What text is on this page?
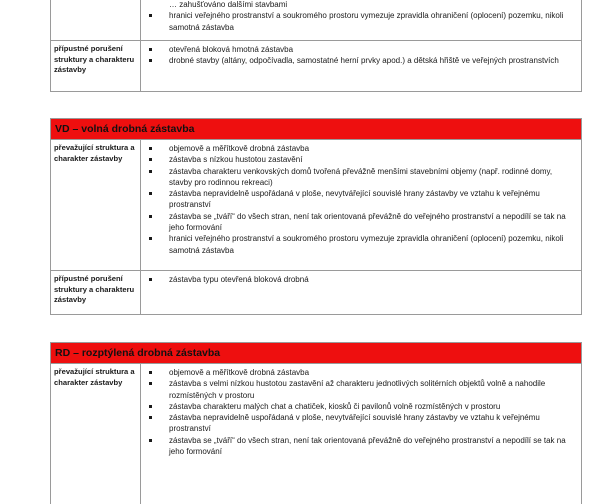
… zahušťováno dalšími stavbami
hranici veřejného prostranství a soukromého prostoru vymezuje zpravidla ohraničení (oplocení) pozemku, nikoli samotná zástavba
přípustné porušení struktury a charakteru zástavby
otevřená bloková hmotná zástavba
drobné stavby (altány, odpočívadla, samostatné herní prvky apod.) a dětská hřiště ve veřejných prostranstvích
VD – volná drobná zástavba
převažující struktura a charakter zástavby
objemově a měřítkově drobná zástavba
zástavba s nízkou hustotou zastavění
zástavba charakteru venkovských domů tvořená převážně menšími stavebními objemy (např. rodinné domy, stavby pro rodinnou rekreaci)
zástavba nepravidelně uspořádaná v ploše, nevytvářející souvislé hrany zástavby ve vztahu k veřejnému prostranství
zástavba se „tváří“ do všech stran, není tak orientovaná převážně do veřejného prostranství a nepodílí se tak na jeho formování
hranici veřejného prostranství a soukromého prostoru vymezuje zpravidla ohraničení (oplocení) pozemku, nikoli samotná zástavba
přípustné porušení struktury a charakteru zástavby
zástavba typu otevřená bloková drobná
RD – rozptýlená drobná zástavba
převažující struktura a charakter zástavby
objemově a měřítkově drobná zástavba
zástavba s velmi nízkou hustotou zastavění až charakteru jednotlivých solitérních objektů volně a nahodile rozmístěných v prostoru
zástavba charakteru malých chat a chatiček, kiosků či pavilonů volně rozmístěných v prostoru
zástavba nepravidelně uspořádaná v ploše, nevytvářející souvislé hrany zástavby ve vztahu k veřejnému prostranství
zástavba se „tváří“ do všech stran, není tak orientovaná převážně do veřejného prostranství a nepodílí se tak na jeho formování
